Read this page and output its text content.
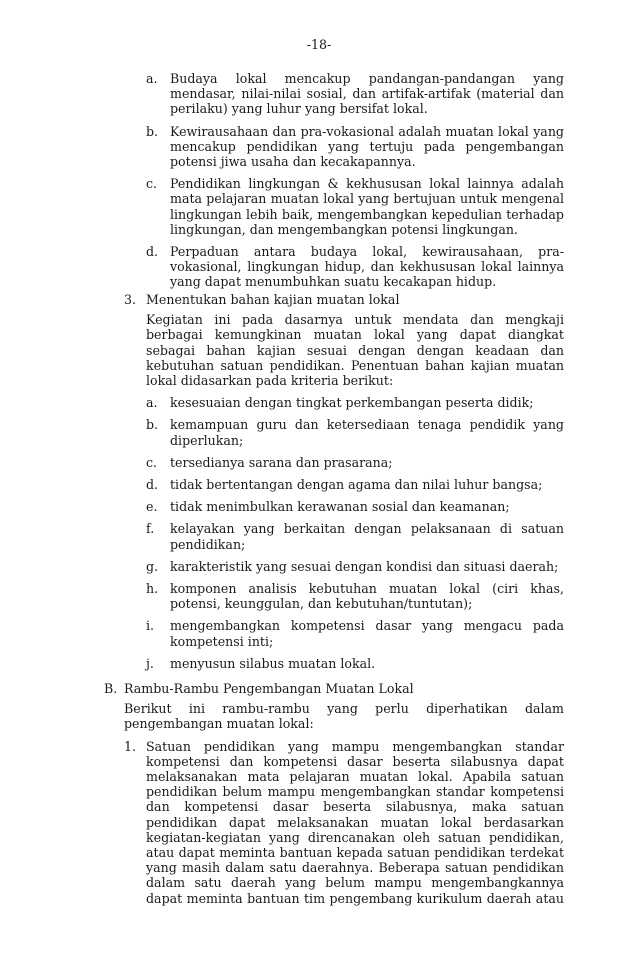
-18-
a. Budaya lokal mencakup pandangan-pandangan yang mendasar, nilai-nilai sosial, dan artifak-artifak (material dan perilaku) yang luhur yang bersifat lokal.
b. Kewirausahaan dan pra-vokasional adalah muatan lokal yang mencakup pendidikan yang tertuju pada pengembangan potensi jiwa usaha dan kecakapannya.
c.	Pendidikan lingkungan & kekhususan lokal lainnya adalah mata pelajaran muatan lokal yang bertujuan untuk mengenal lingkungan lebih baik, mengembangkan kepedulian terhadap lingkungan, dan mengembangkan potensi lingkungan.
d. Perpaduan antara budaya lokal, kewirausahaan, pra-vokasional, lingkungan hidup, dan kekhususan lokal lainnya yang dapat menumbuhkan suatu kecakapan hidup.
3. Menentukan bahan kajian muatan lokal
Kegiatan ini pada dasarnya untuk mendata dan mengkaji berbagai kemungkinan muatan lokal yang dapat diangkat sebagai bahan kajian sesuai dengan dengan keadaan dan kebutuhan satuan pendidikan. Penentuan bahan kajian muatan lokal didasarkan pada kriteria berikut:
a. kesesuaian dengan tingkat perkembangan peserta didik;
b. kemampuan guru dan ketersediaan tenaga pendidik yang diperlukan;
c.	tersedianya sarana dan prasarana;
d. tidak bertentangan dengan agama dan nilai luhur bangsa;
e. tidak menimbulkan kerawanan sosial dan keamanan;
f.	kelayakan yang berkaitan dengan pelaksanaan di satuan pendidikan;
g. karakteristik yang sesuai dengan kondisi dan situasi daerah;
h. komponen analisis kebutuhan muatan lokal (ciri khas, potensi, keunggulan, dan kebutuhan/tuntutan);
i.	mengembangkan kompetensi dasar yang mengacu pada kompetensi inti;
j.	menyusun silabus muatan lokal.
B. Rambu-Rambu Pengembangan Muatan Lokal
Berikut ini rambu-rambu yang perlu diperhatikan dalam pengembangan muatan lokal:
1. Satuan pendidikan yang mampu mengembangkan standar kompetensi dan kompetensi dasar beserta silabusnya dapat melaksanakan mata pelajaran muatan lokal. Apabila satuan pendidikan belum mampu mengembangkan standar kompetensi dan kompetensi dasar beserta silabusnya, maka satuan pendidikan dapat melaksanakan muatan lokal berdasarkan kegiatan-kegiatan yang direncanakan oleh satuan pendidikan, atau dapat meminta bantuan kepada satuan pendidikan terdekat yang masih dalam satu daerahnya. Beberapa satuan pendidikan dalam satu daerah yang belum mampu mengembangkannya dapat meminta bantuan tim pengembang kurikulum daerah atau
